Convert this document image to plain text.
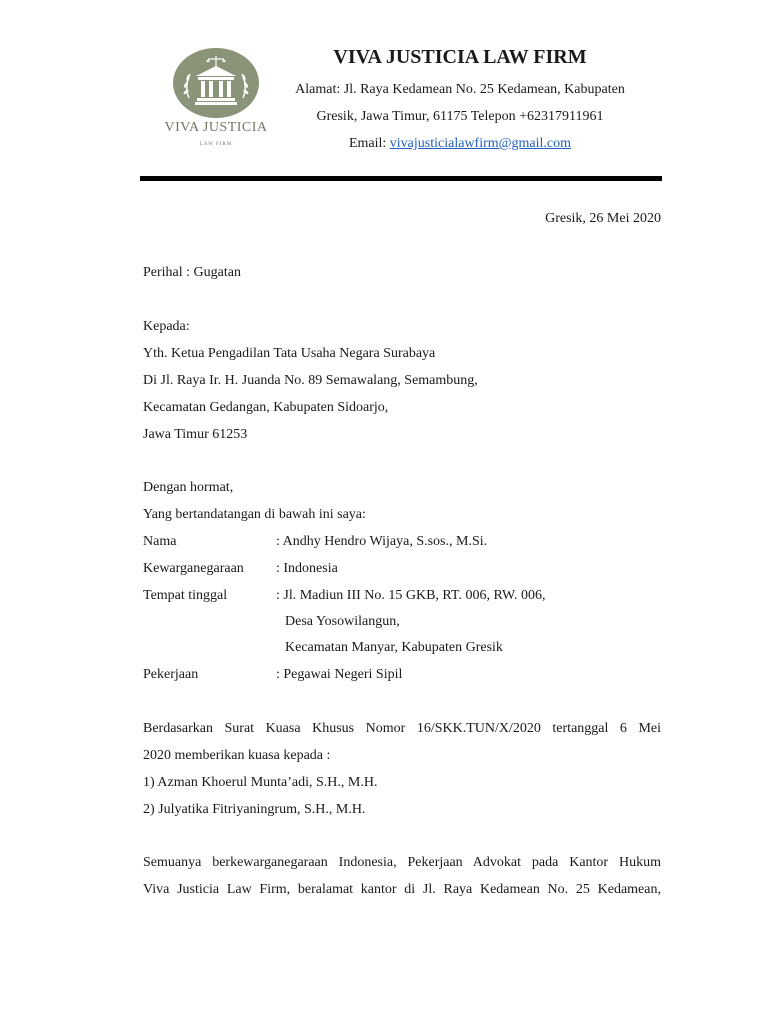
VIVA JUSTICIA
LAW FIRM
VIVA JUSTICIA LAW FIRM
Alamat: Jl. Raya Kedamean No. 25 Kedamean, Kabupaten
Gresik, Jawa Timur, 61175 Telepon +62317911961
Email: vivajusticialawfirm@gmail.com
Gresik, 26 Mei 2020
Perihal : Gugatan
Kepada:
Yth. Ketua Pengadilan Tata Usaha Negara Surabaya
Di Jl. Raya Ir. H. Juanda No. 89 Semawalang, Semambung,
Kecamatan Gedangan, Kabupaten Sidoarjo,
Jawa Timur 61253
Dengan hormat,
Yang bertandatangan di bawah ini saya:
Nama	: Andhy Hendro Wijaya, S.sos., M.Si.
Kewarganegaraan : Indonesia
Tempat tinggal	: Jl. Madiun III No. 15 GKB, RT. 006, RW. 006,
Desa Yosowilangun,
Kecamatan Manyar, Kabupaten Gresik
Pekerjaan	: Pegawai Negeri Sipil
Berdasarkan Surat Kuasa Khusus Nomor 16/SKK.TUN/X/2020 tertanggal 6 Mei
2020 memberikan kuasa kepada :
1) Azman Khoerul Munta’adi, S.H., M.H.
2) Julyatika Fitriyaningrum, S.H., M.H.
Semuanya berkewarganegaraan Indonesia, Pekerjaan Advokat pada Kantor Hukum
Viva Justicia Law Firm, beralamat kantor di Jl. Raya Kedamean No. 25 Kedamean,
